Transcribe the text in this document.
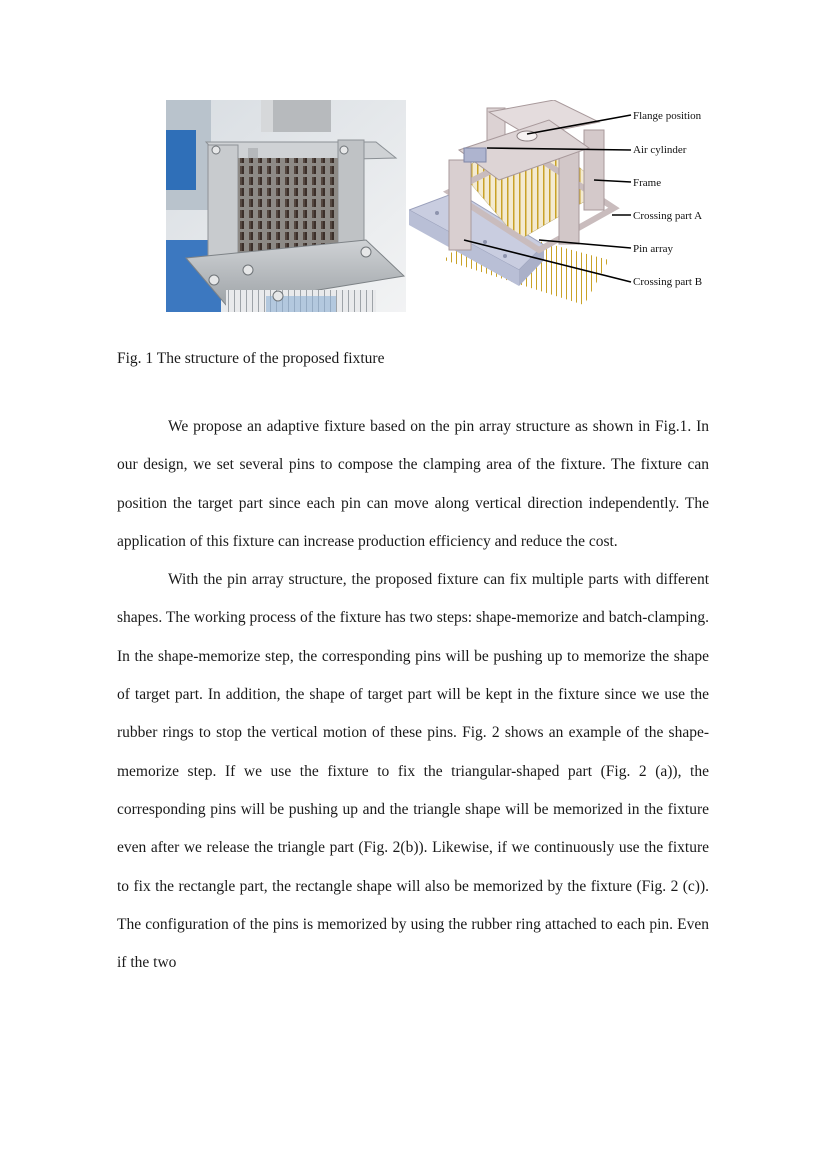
Flange position
Air cylinder
Frame
Crossing part A
Pin array
Crossing part B
Fig. 1 The structure of the proposed fixture

We propose an adaptive fixture based on the pin array structure as shown in Fig.1. In our design, we set several pins to compose the clamping area of the fixture. The fixture can position the target part since each pin can move along vertical direction independently. The application of this fixture can increase production efficiency and reduce the cost.

With the pin array structure, the proposed fixture can fix multiple parts with different shapes. The working process of the fixture has two steps: shape-memorize and batch-clamping. In the shape-memorize step, the corresponding pins will be pushing up to memorize the shape of target part. In addition, the shape of target part will be kept in the fixture since we use the rubber rings to stop the vertical motion of these pins. Fig. 2 shows an example of the shape-memorize step. If we use the fixture to fix the triangular-shaped part (Fig. 2 (a)), the corresponding pins will be pushing up and the triangle shape will be memorized in the fixture even after we release the triangle part (Fig. 2(b)). Likewise, if we continuously use the fixture to fix the rectangle part, the rectangle shape will also be memorized by the fixture (Fig. 2 (c)). The configuration of the pins is memorized by using the rubber ring attached to each pin. Even if the two
